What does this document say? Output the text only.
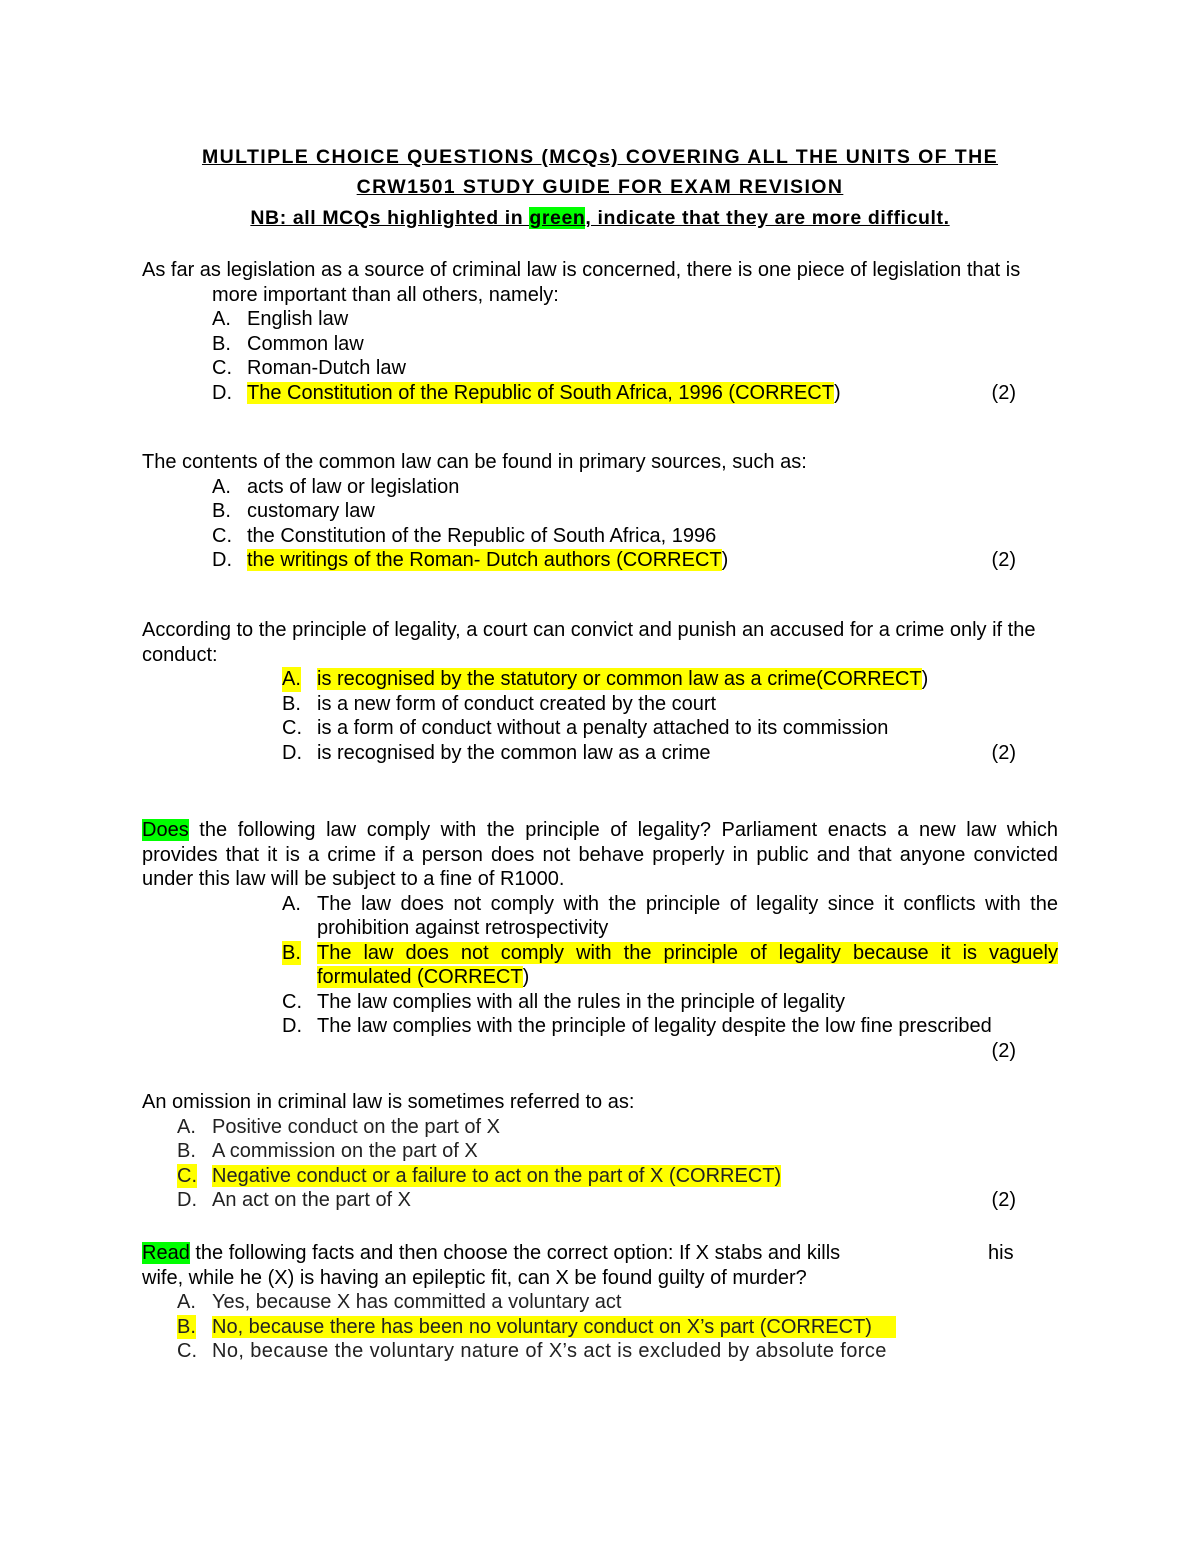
MULTIPLE CHOICE QUESTIONS (MCQs) COVERING ALL THE UNITS OF THE
CRW1501 STUDY GUIDE FOR EXAM REVISION
NB: all MCQs highlighted in green, indicate that they are more difficult.

As far as legislation as a source of criminal law is concerned, there is one piece of legislation that is more important than all others, namely:

A. English law
B. Common law
C. Roman-Dutch law
D. The Constitution of the Republic of South Africa, 1996 (CORRECT)	(2)

The contents of the common law can be found in primary sources, such as:

A. acts of law or legislation
B. customary law
C. the Constitution of the Republic of South Africa, 1996
D. the writings of the Roman- Dutch authors (CORRECT)	(2)

According to the principle of legality, a court can convict and punish an accused for a crime only if the conduct:

A. is recognised by the statutory or common law as a crime(CORRECT)
B. is a new form of conduct created by the court
C. is a form of conduct without a penalty attached to its commission
D. is recognised by the common law as a crime	(2)

Does the following law comply with the principle of legality? Parliament enacts a new law which provides that it is a crime if a person does not behave properly in public and that anyone convicted under this law will be subject to a fine of R1000.

A. The law does not comply with the principle of legality since it conflicts with the prohibition against retrospectivity
B. The law does not comply with the principle of legality because it is vaguely formulated (CORRECT)
C. The law complies with all the rules in the principle of legality
D. The law complies with the principle of legality despite the low fine prescribed
(2)

An omission in criminal law is sometimes referred to as:

A. Positive conduct on the part of X
B. A commission on the part of X
C. Negative conduct or a failure to act on the part of X (CORRECT)
D. An act on the part of X	(2)

Read the following facts and then choose the correct option: If X stabs and kills	his

wife, while he (X) is having an epileptic fit, can X be found guilty of murder?

A. Yes, because X has committed a voluntary act
B. No, because there has been no voluntary conduct on X’s part (CORRECT)
C. No, because the voluntary nature of X’s act is excluded by absolute force
